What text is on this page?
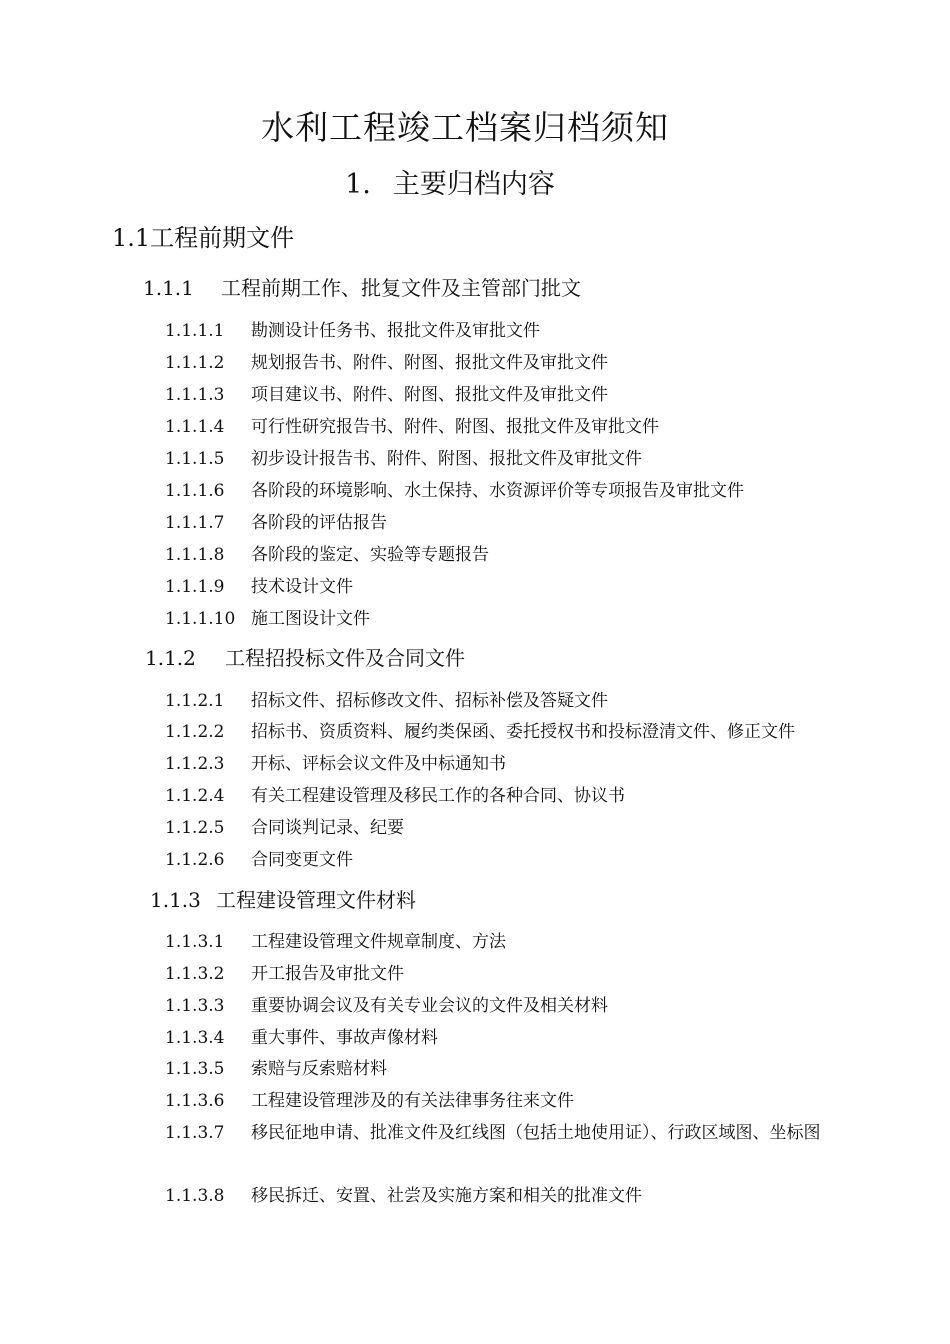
水利工程竣工档案归档须知
1. 主要归档内容
1.1工程前期文件
1.1.1 工程前期工作、批复文件及主管部门批文
1.1.1.1 勘测设计任务书、报批文件及审批文件
1.1.1.2 规划报告书、附件、附图、报批文件及审批文件
1.1.1.3 项目建议书、附件、附图、报批文件及审批文件
1.1.1.4 可行性研究报告书、附件、附图、报批文件及审批文件
1.1.1.5 初步设计报告书、附件、附图、报批文件及审批文件
1.1.1.6 各阶段的环境影响、水土保持、水资源评价等专项报告及审批文件
1.1.1.7 各阶段的评估报告
1.1.1.8 各阶段的鉴定、实验等专题报告
1.1.1.9 技术设计文件
1.1.1.10 施工图设计文件
1.1.2 工程招投标文件及合同文件
1.1.2.1 招标文件、招标修改文件、招标补偿及答疑文件
1.1.2.2 招标书、资质资料、履约类保函、委托授权书和投标澄清文件、修正文件
1.1.2.3 开标、评标会议文件及中标通知书
1.1.2.4 有关工程建设管理及移民工作的各种合同、协议书
1.1.2.5 合同谈判记录、纪要
1.1.2.6 合同变更文件
1.1.3 工程建设管理文件材料
1.1.3.1 工程建设管理文件规章制度、方法
1.1.3.2 开工报告及审批文件
1.1.3.3 重要协调会议及有关专业会议的文件及相关材料
1.1.3.4 重大事件、事故声像材料
1.1.3.5 索赔与反索赔材料
1.1.3.6 工程建设管理涉及的有关法律事务往来文件
1.1.3.7 移民征地申请、批准文件及红线图（包括土地使用证）、行政区域图、坐标图
1.1.3.8 移民拆迁、安置、社尝及实施方案和相关的批准文件
